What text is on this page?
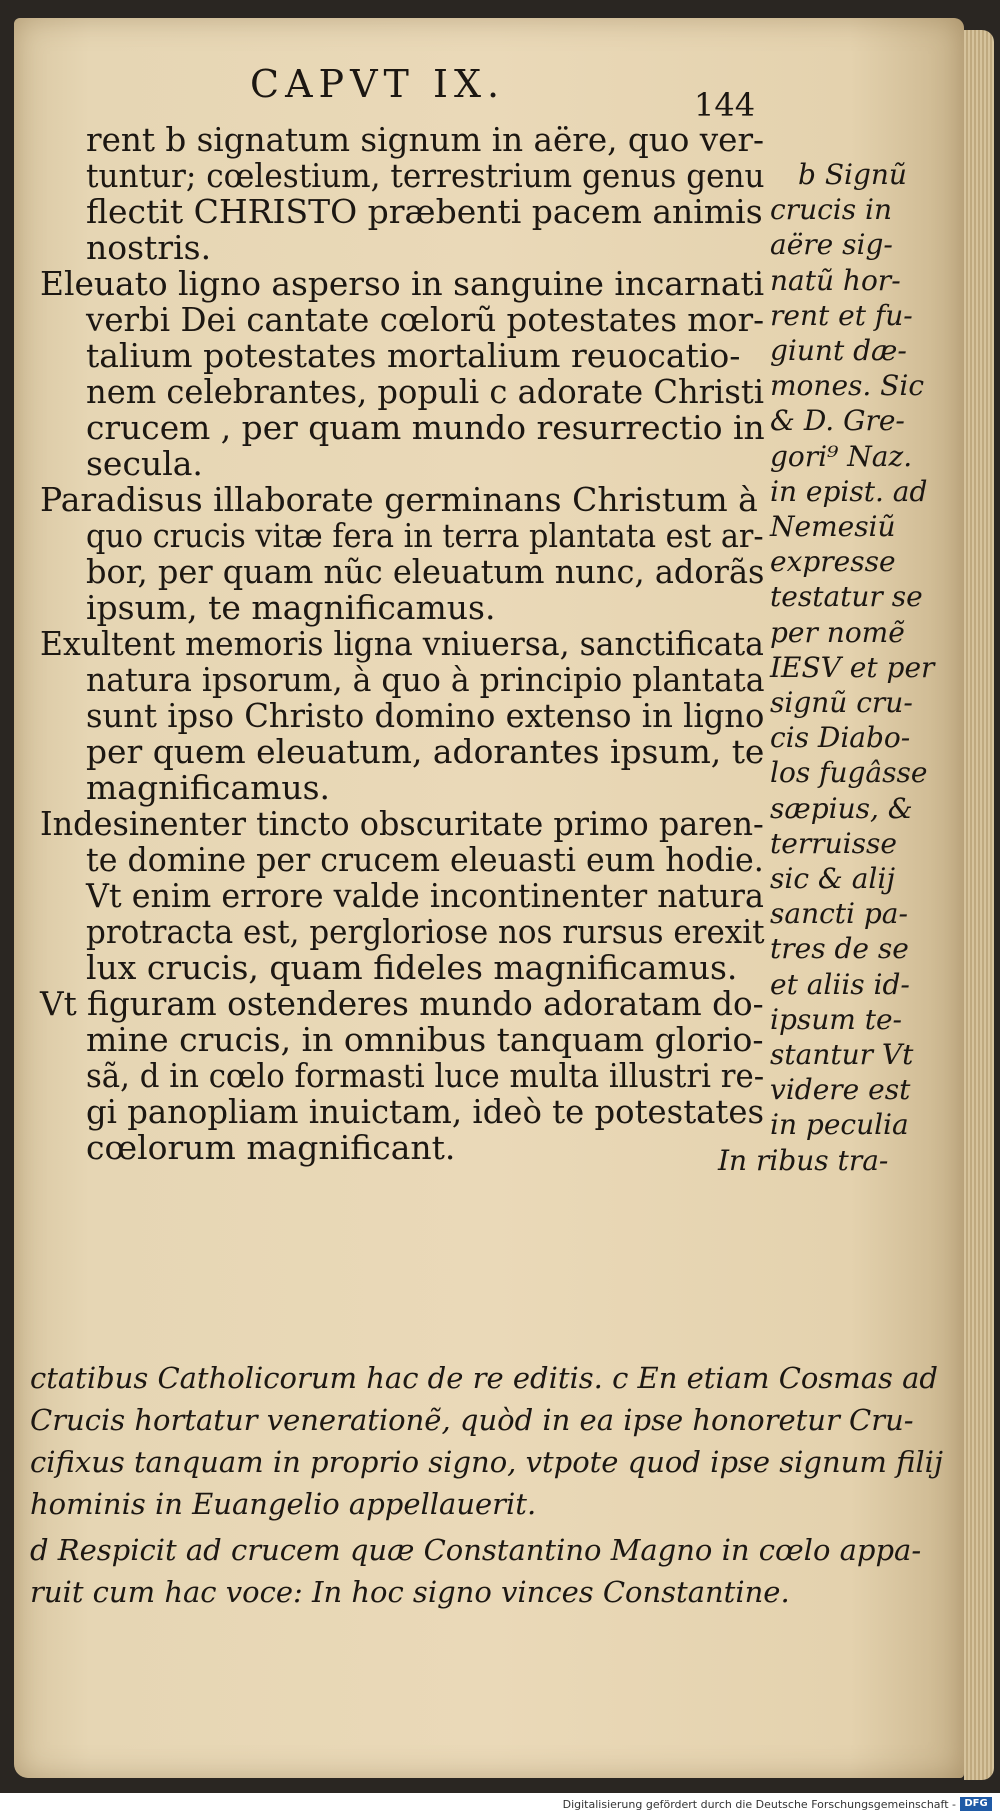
CAPVT IX.	144
Digitalisierung gefördert durch die Deutsche Forschungsgemeinschaft - DFG
rent b signatum signum in aëre, quo ver-
tuntur; cœlestium, terrestrium genus genu
flectit CHRISTO præbenti pacem animis
nostris.
Eleuato ligno asperso in sanguine incarnati
verbi Dei cantate cœlorũ potestates mor-
talium potestates mortalium reuocatio-
nem celebrantes, populi c adorate Christi
crucem , per quam mundo resurrectio in
secula.
Paradisus illaborate germinans Christum à
quo crucis vitæ fera in terra plantata est ar-
bor, per quam nũc eleuatum nunc, adorãs
ipsum, te magnificamus.
Exultent memoris ligna vniuersa, sanctificata
natura ipsorum, à quo à principio plantata
sunt ipso Christo domino extenso in ligno
per quem eleuatum, adorantes ipsum, te
magnificamus.
Indesinenter tincto obscuritate primo paren-
te domine per crucem eleuasti eum hodie.
Vt enim errore valde incontinenter natura
protracta est, pergloriose nos rursus erexit
lux crucis, quam fideles magnificamus.
Vt figuram ostenderes mundo adoratam do-
mine crucis, in omnibus tanquam glorio-
sã, d in cœlo formasti luce multa illustri re-
gi panopliam inuictam, ideò te potestates
cœlorum magnificant.
b Signũ
crucis in
aëre sig-
natũ hor-
rent et fu-
giunt dæ-
mones. Sic
& D. Gre-
gori⁹ Naz.
in epist. ad
Nemesiũ
expresse
testatur se
per nomẽ
IESV et per
signũ cru-
cis Diabo-
los fugâsse
sæpius, &
terruisse
sic & alij
sancti pa-
tres de se
et aliis id-
ipsum te-
stantur Vt
videre est
in peculia
In ribus tra-
ctatibus Catholicorum hac de re editis. c En etiam Cosmas ad
Crucis hortatur venerationẽ, quòd in ea ipse honoretur Cru-
cifixus tanquam in proprio signo, vtpote quod ipse signum filij
hominis in Euangelio appellauerit.
d Respicit ad crucem quæ Constantino Magno in cœlo appa-
ruit cum hac voce: In hoc signo vinces Constantine.
